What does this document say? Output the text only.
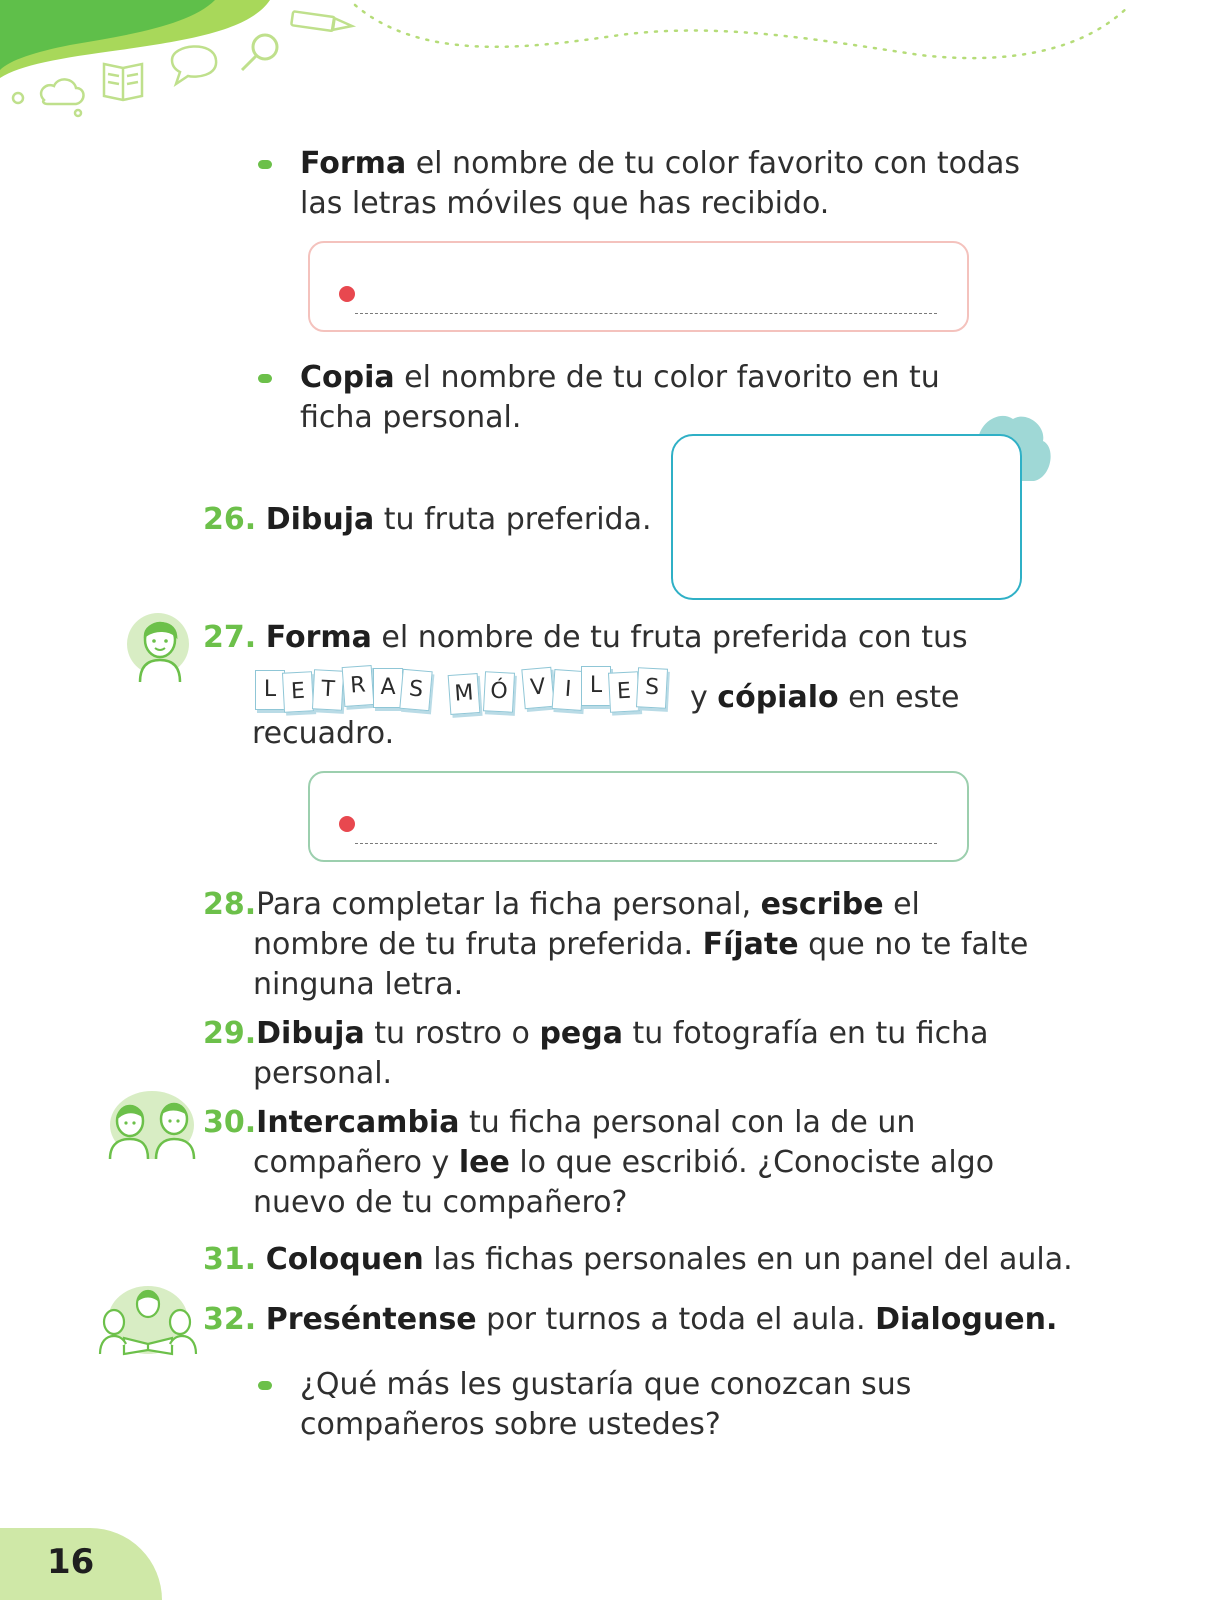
Forma el nombre de tu color favorito con todas
las letras móviles que has recibido.
Copia el nombre de tu color favorito en tu
ficha personal.
26. Dibuja tu fruta preferida.
27. Forma el nombre de tu fruta preferida con tus
L E T R A S	M Ó V I L E S y cópialo en este
recuadro.
28.Para completar la ficha personal, escribe el
nombre de tu fruta preferida. Fíjate que no te falte
ninguna letra.
29.Dibuja tu rostro o pega tu fotografía en tu ficha
personal.
30.Intercambia tu ficha personal con la de un
compañero y lee lo que escribió. ¿Conociste algo
nuevo de tu compañero?
31. Coloquen las fichas personales en un panel del aula.
32. Preséntense por turnos a toda el aula. Dialoguen.
¿Qué más les gustaría que conozcan sus
compañeros sobre ustedes?
16
